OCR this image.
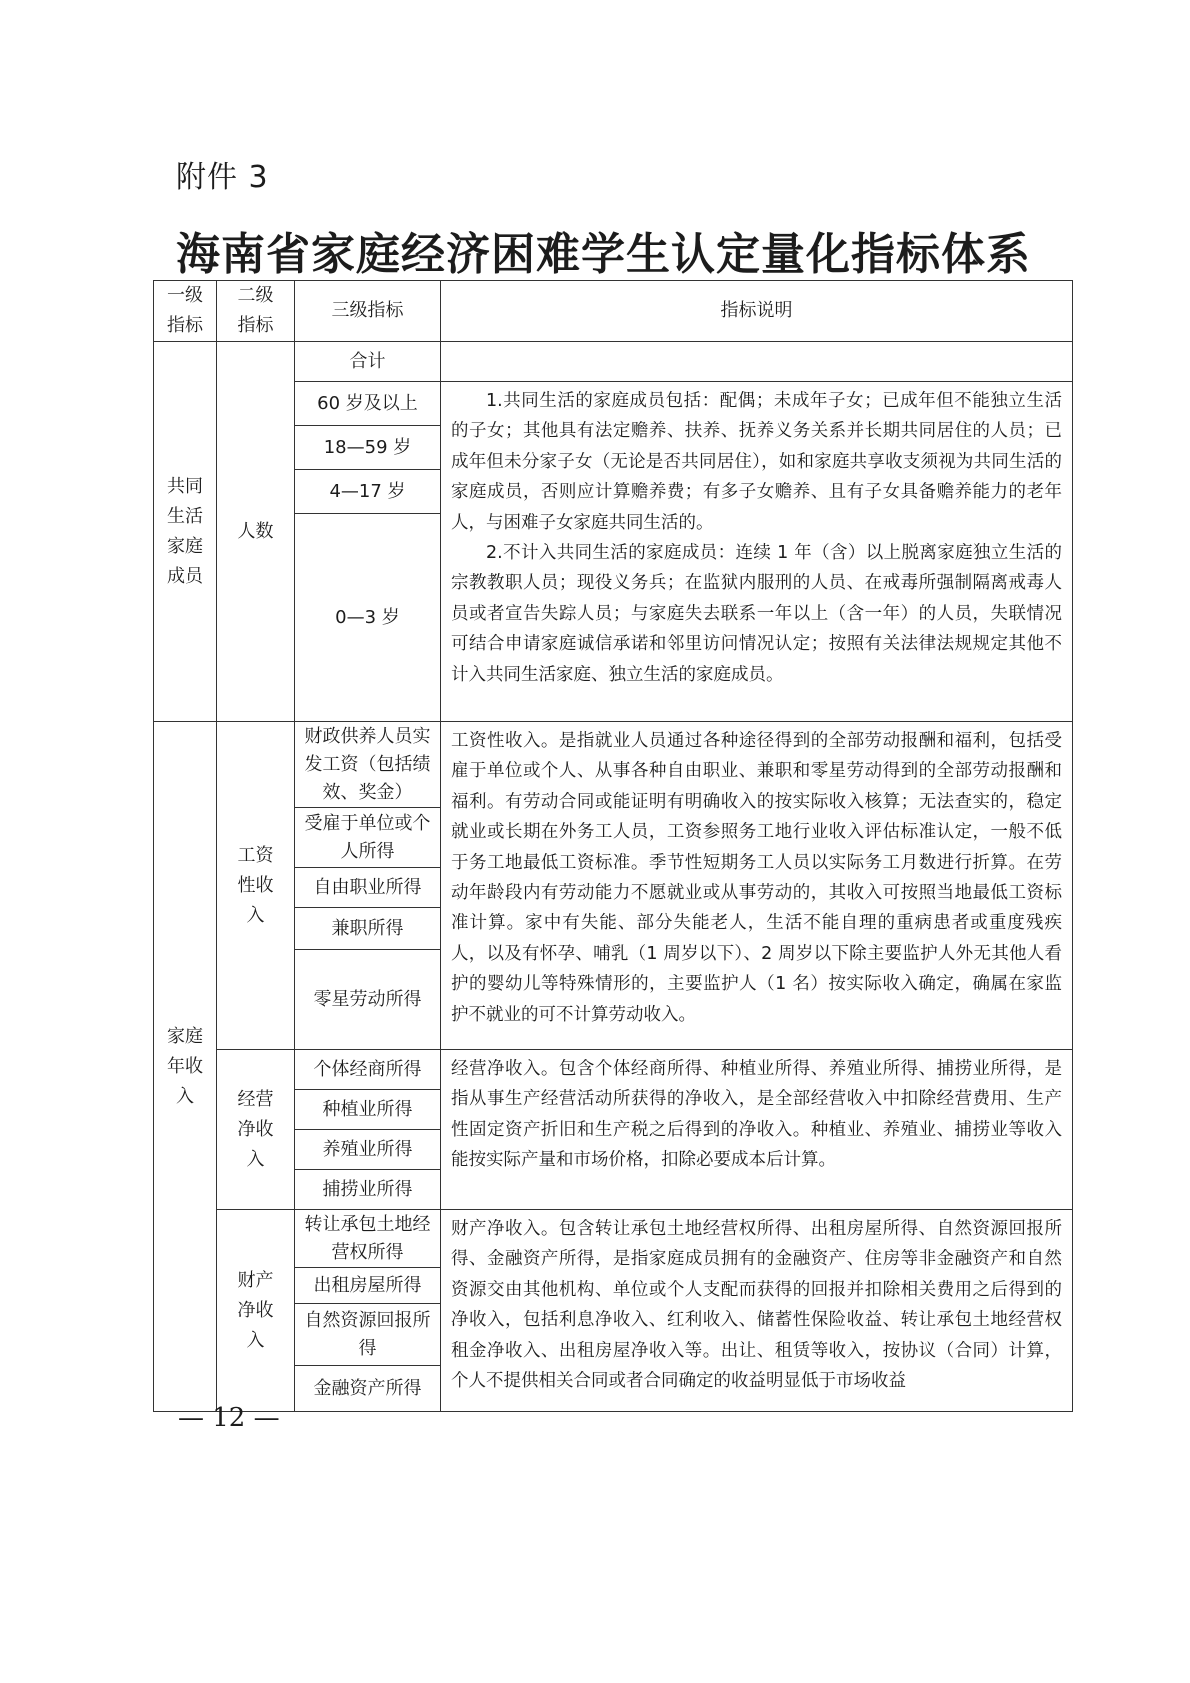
附件 3
海南省家庭经济困难学生认定量化指标体系
一级指标	二级指标	三级指标	指标说明
共同生活家庭成员	人数	合计	
		60 岁及以上	1.共同生活的家庭成员包括：配偶；未成年子女；已成年但不能独立生活的子女；其他具有法定赡养、扶养、抚养义务关系并长期共同居住的人员；已成年但未分家子女（无论是否共同居住），如和家庭共享收支须视为共同生活的家庭成员，否则应计算赡养费；有多子女赡养、且有子女具备赡养能力的老年人，与困难子女家庭共同生活的。

2.不计入共同生活的家庭成员：连续 1 年（含）以上脱离家庭独立生活的宗教教职人员；现役义务兵；在监狱内服刑的人员、在戒毒所强制隔离戒毒人员或者宣告失踪人员；与家庭失去联系一年以上（含一年）的人员，失联情况可结合申请家庭诚信承诺和邻里访问情况认定；按照有关法律法规规定其他不计入共同生活家庭、独立生活的家庭成员。

		18—59 岁	
		4—17 岁	
		0—3 岁	
家庭年收入	工资性收入	财政供养人员实发工资（包括绩效、奖金）	工资性收入。是指就业人员通过各种途径得到的全部劳动报酬和福利，包括受雇于单位或个人、从事各种自由职业、兼职和零星劳动得到的全部劳动报酬和福利。有劳动合同或能证明有明确收入的按实际收入核算；无法查实的，稳定就业或长期在外务工人员，工资参照务工地行业收入评估标准认定，一般不低于务工地最低工资标准。季节性短期务工人员以实际务工月数进行折算。在劳动年龄段内有劳动能力不愿就业或从事劳动的，其收入可按照当地最低工资标准计算。家中有失能、部分失能老人，生活不能自理的重病患者或重度残疾人，以及有怀孕、哺乳（1 周岁以下）、2 周岁以下除主要监护人外无其他人看护的婴幼儿等特殊情形的，主要监护人（1 名）按实际收入确定，确属在家监护不就业的可不计算劳动收入。

		受雇于单位或个人所得	
		自由职业所得	
		兼职所得	
		零星劳动所得	
	经营净收入	个体经商所得	经营净收入。包含个体经商所得、种植业所得、养殖业所得、捕捞业所得，是指从事生产经营活动所获得的净收入，是全部经营收入中扣除经营费用、生产性固定资产折旧和生产税之后得到的净收入。种植业、养殖业、捕捞业等收入能按实际产量和市场价格，扣除必要成本后计算。

		种植业所得	
		养殖业所得	
		捕捞业所得	
	财产净收入	转让承包土地经营权所得	财产净收入。包含转让承包土地经营权所得、出租房屋所得、自然资源回报所得、金融资产所得，是指家庭成员拥有的金融资产、住房等非金融资产和自然资源交由其他机构、单位或个人支配而获得的回报并扣除相关费用之后得到的净收入，包括利息净收入、红利收入、储蓄性保险收益、转让承包土地经营权租金净收入、出租房屋净收入等。出让、租赁等收入，按协议（合同）计算，个人不提供相关合同或者合同确定的收益明显低于市场收益

		出租房屋所得	
		自然资源回报所得	
		金融资产所得	
— 12 —
